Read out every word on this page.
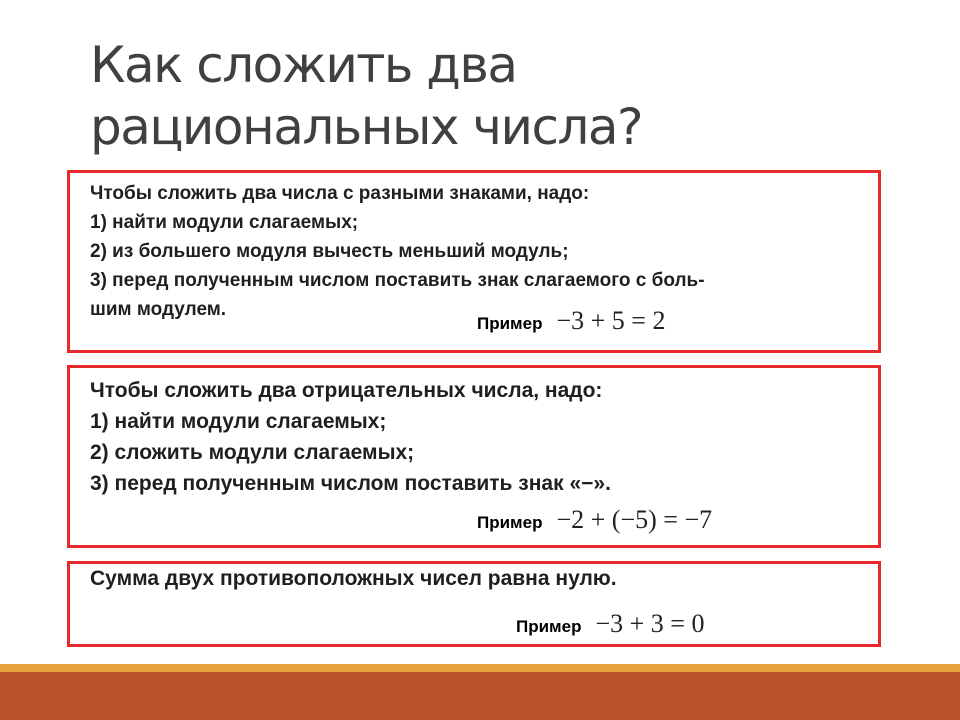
Как сложить два
рациональных числа?
Чтобы сложить два числа с разными знаками, надо:
1) найти модули слагаемых;
2) из большего модуля вычесть меньший модуль;
3) перед полученным числом поставить знак слагаемого с боль-
шим модулем.
Пример −3 + 5 = 2
Чтобы сложить два отрицательных числа, надо:
1) найти модули слагаемых;
2) сложить модули слагаемых;
3) перед полученным числом поставить знак «−».
Пример −2 + (−5) = −7
Сумма двух противоположных чисел равна нулю.
Пример −3 + 3 = 0
